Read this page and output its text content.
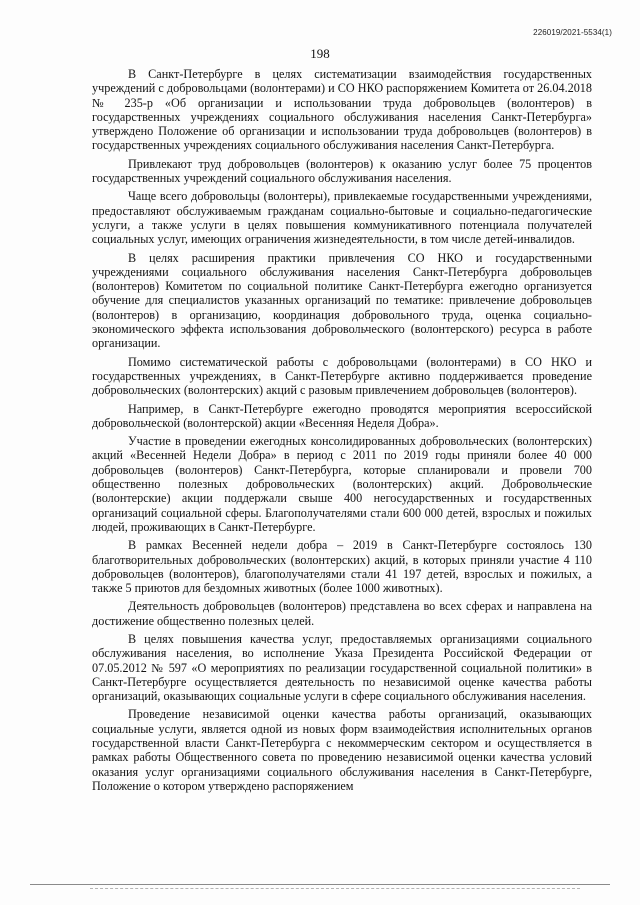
226019/2021-5534(1)
198

В Санкт-Петербурге в целях систематизации взаимодействия государственных учреждений с добровольцами (волонтерами) и СО НКО распоряжением Комитета от 26.04.2018 № 235-р «Об организации и использовании труда добровольцев (волонтеров) в государственных учреждениях социального обслуживания населения Санкт-Петербурга» утверждено Положение об организации и использовании труда добровольцев (волонтеров) в государственных учреждениях социального обслуживания населения Санкт-Петербурга.

Привлекают труд добровольцев (волонтеров) к оказанию услуг более 75 процентов государственных учреждений социального обслуживания населения.

Чаще всего добровольцы (волонтеры), привлекаемые государственными учреждениями, предоставляют обслуживаемым гражданам социально-бытовые и социально-педагогические услуги, а также услуги в целях повышения коммуникативного потенциала получателей социальных услуг, имеющих ограничения жизнедеятельности, в том числе детей-инвалидов.

В целях расширения практики привлечения СО НКО и государственными учреждениями социального обслуживания населения Санкт-Петербурга добровольцев (волонтеров) Комитетом по социальной политике Санкт-Петербурга ежегодно организуется обучение для специалистов указанных организаций по тематике: привлечение добровольцев (волонтеров) в организацию, координация добровольного труда, оценка социально-экономического эффекта использования добровольческого (волонтерского) ресурса в работе организации.

Помимо систематической работы с добровольцами (волонтерами) в СО НКО и государственных учреждениях, в Санкт-Петербурге активно поддерживается проведение добровольческих (волонтерских) акций с разовым привлечением добровольцев (волонтеров).

Например, в Санкт-Петербурге ежегодно проводятся мероприятия всероссийской добровольческой (волонтерской) акции «Весенняя Неделя Добра».

Участие в проведении ежегодных консолидированных добровольческих (волонтерских) акций «Весенней Недели Добра» в период с 2011 по 2019 годы приняли более 40 000 добровольцев (волонтеров) Санкт-Петербурга, которые спланировали и провели 700 общественно полезных добровольческих (волонтерских) акций. Добровольческие (волонтерские) акции поддержали свыше 400 негосударственных и государственных организаций социальной сферы. Благополучателями стали 600 000 детей, взрослых и пожилых людей, проживающих в Санкт-Петербурге.

В рамках Весенней недели добра – 2019 в Санкт-Петербурге состоялось 130 благотворительных добровольческих (волонтерских) акций, в которых приняли участие 4 110 добровольцев (волонтеров), благополучателями стали 41 197 детей, взрослых и пожилых, а также 5 приютов для бездомных животных (более 1000 животных).

Деятельность добровольцев (волонтеров) представлена во всех сферах и направлена на достижение общественно полезных целей.

В целях повышения качества услуг, предоставляемых организациями социального обслуживания населения, во исполнение Указа Президента Российской Федерации от 07.05.2012 № 597 «О мероприятиях по реализации государственной социальной политики» в Санкт-Петербурге осуществляется деятельность по независимой оценке качества работы организаций, оказывающих социальные услуги в сфере социального обслуживания населения.

Проведение независимой оценки качества работы организаций, оказывающих социальные услуги, является одной из новых форм взаимодействия исполнительных органов государственной власти Санкт-Петербурга с некоммерческим сектором и осуществляется в рамках работы Общественного совета по проведению независимой оценки качества условий оказания услуг организациями социального обслуживания населения в Санкт-Петербурге, Положение о котором утверждено распоряжением
